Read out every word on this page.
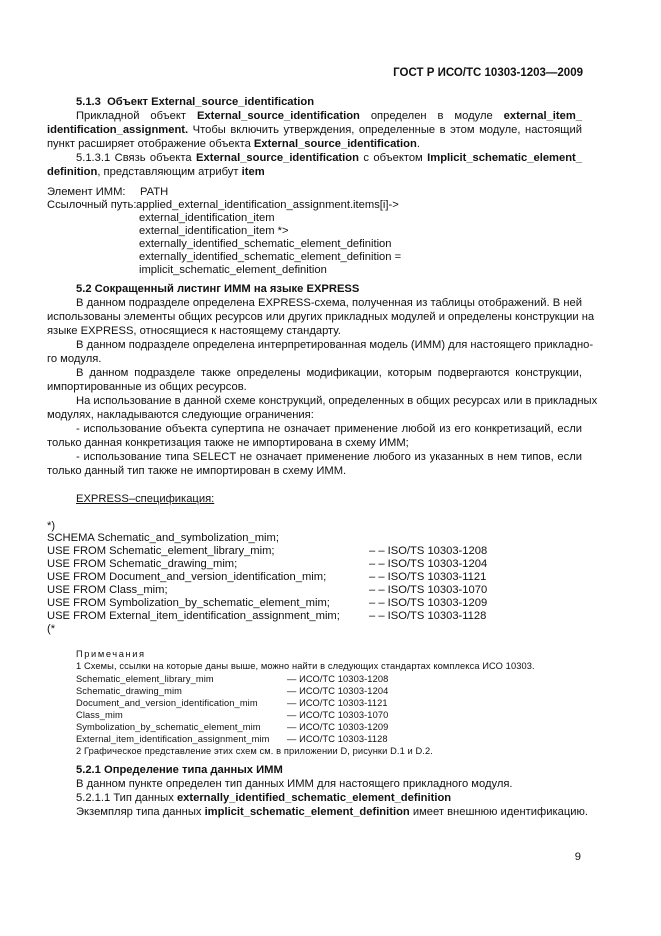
ГОСТ Р ИСО/ТС 10303-1203—2009
5.1.3 Объект External_source_identification
Прикладной объект External_source_identification определен в модуле external_item_
identification_assignment. Чтобы включить утверждения, определенные в этом модуле, настоящий
пункт расширяет отображение объекта External_source_identification.
5.1.3.1 Связь объекта External_source_identification с объектом Implicit_schematic_element_
definition, представляющим атрибут item
Элемент ИММ: PATH
Ссылочный путь: applied_external_identification_assignment.items[i]->
external_identification_item
external_identification_item *>
externally_identified_schematic_element_definition
externally_identified_schematic_element_definition =
implicit_schematic_element_definition
5.2 Сокращенный листинг ИММ на языке EXPRESS
В данном подразделе определена EXPRESS-схема, полученная из таблицы отображений. В ней
использованы элементы общих ресурсов или других прикладных модулей и определены конструкции на
языке EXPRESS, относящиеся к настоящему стандарту.
В данном подразделе определена интерпретированная модель (ИММ) для настоящего прикладно-
го модуля.
В данном подразделе также определены модификации, которым подвергаются конструкции,
импортированные из общих ресурсов.
На использование в данной схеме конструкций, определенных в общих ресурсах или в прикладных
модулях, накладываются следующие ограничения:
- использование объекта супертипа не означает применение любой из его конкретизаций, если
только данная конкретизация также не импортирована в схему ИММ;
- использование типа SELECT не означает применение любого из указанных в нем типов, если
только данный тип также не импортирован в схему ИММ.
EXPRESS–спецификация:
*)
SCHEMA Schematic_and_symbolization_mim;
USE FROM Schematic_element_library_mim;	– – ISO/TS 10303-1208
USE FROM Schematic_drawing_mim;	– – ISO/TS 10303-1204
USE FROM Document_and_version_identification_mim;	– – ISO/TS 10303-1121
USE FROM Class_mim;	– – ISO/TS 10303-1070
USE FROM Symbolization_by_schematic_element_mim;	– – ISO/TS 10303-1209
USE FROM External_item_identification_assignment_mim;	– – ISO/TS 10303-1128
(*
Примечания
1 Схемы, ссылки на которые даны выше, можно найти в следующих стандартах комплекса ИСО 10303.
Schematic_element_library_mim	— ИСО/ТС 10303-1208
Schematic_drawing_mim	— ИСО/ТС 10303-1204
Document_and_version_identification_mim	— ИСО/ТС 10303-1121
Class_mim	— ИСО/ТС 10303-1070
Symbolization_by_schematic_element_mim	— ИСО/ТС 10303-1209
External_item_identification_assignment_mim — ИСО/ТС 10303-1128
2 Графическое представление этих схем см. в приложении D, рисунки D.1 и D.2.
5.2.1 Определение типа данных ИММ
В данном пункте определен тип данных ИММ для настоящего прикладного модуля.
5.2.1.1 Тип данных externally_identified_schematic_element_definition
Экземпляр типа данных implicit_schematic_element_definition имеет внешнюю идентификацию.
9
